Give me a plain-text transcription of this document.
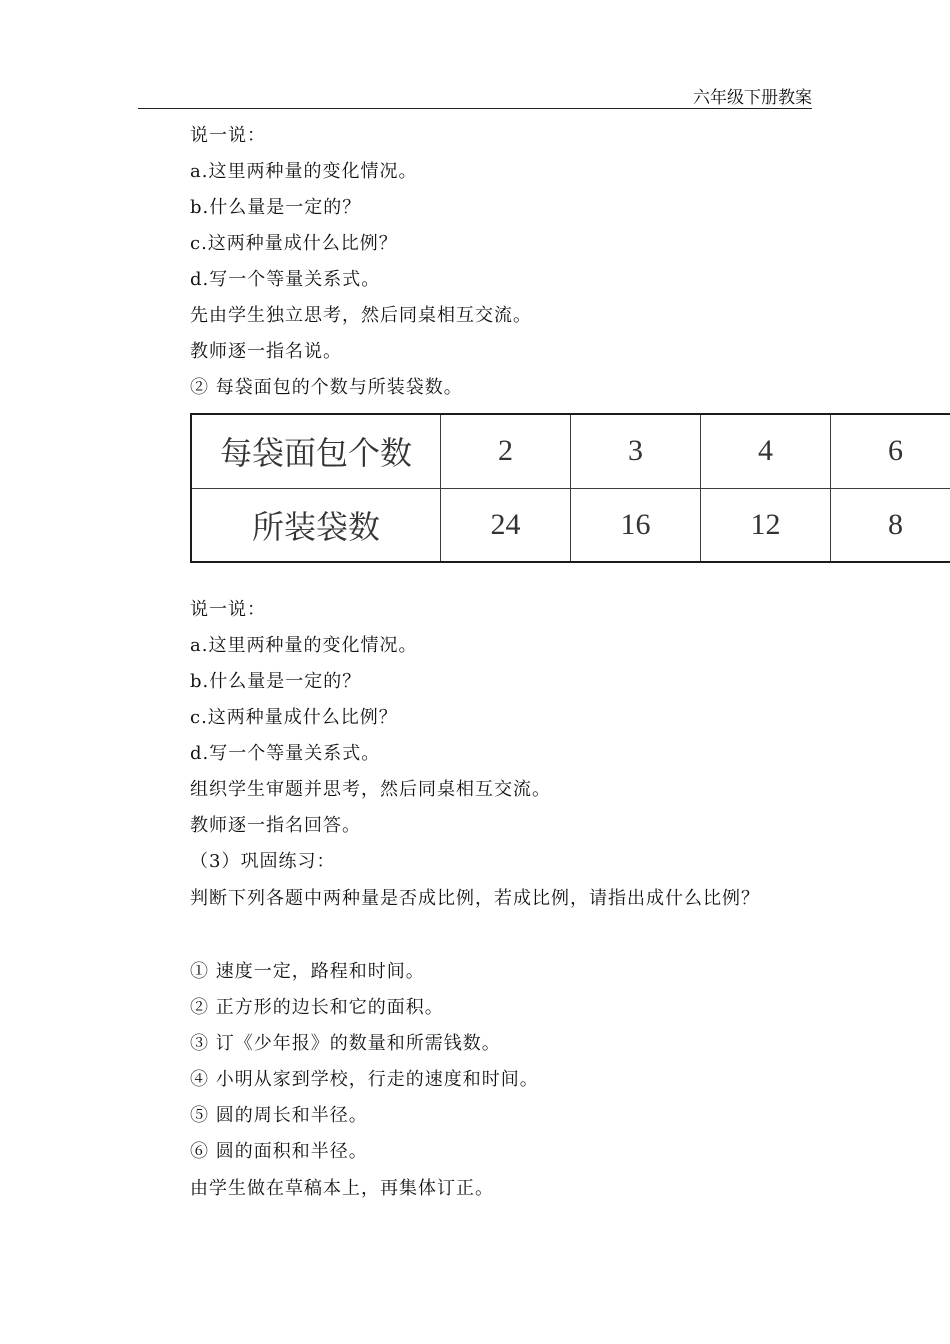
六年级下册教案
说一说：
a.这里两种量的变化情况。
b.什么量是一定的？
c.这两种量成什么比例？
d.写一个等量关系式。
先由学生独立思考，然后同桌相互交流。
教师逐一指名说。
② 每袋面包的个数与所装袋数。
每袋面包个数	2	3	4	6
所装袋数	24	16	12	8
说一说：
a.这里两种量的变化情况。
b.什么量是一定的？
c.这两种量成什么比例？
d.写一个等量关系式。
组织学生审题并思考，然后同桌相互交流。
教师逐一指名回答。
（3）巩固练习：
判断下列各题中两种量是否成比例，若成比例，请指出成什么比例？
① 速度一定，路程和时间。
② 正方形的边长和它的面积。
③ 订《少年报》的数量和所需钱数。
④ 小明从家到学校，行走的速度和时间。
⑤ 圆的周长和半径。
⑥ 圆的面积和半径。
由学生做在草稿本上，再集体订正。
